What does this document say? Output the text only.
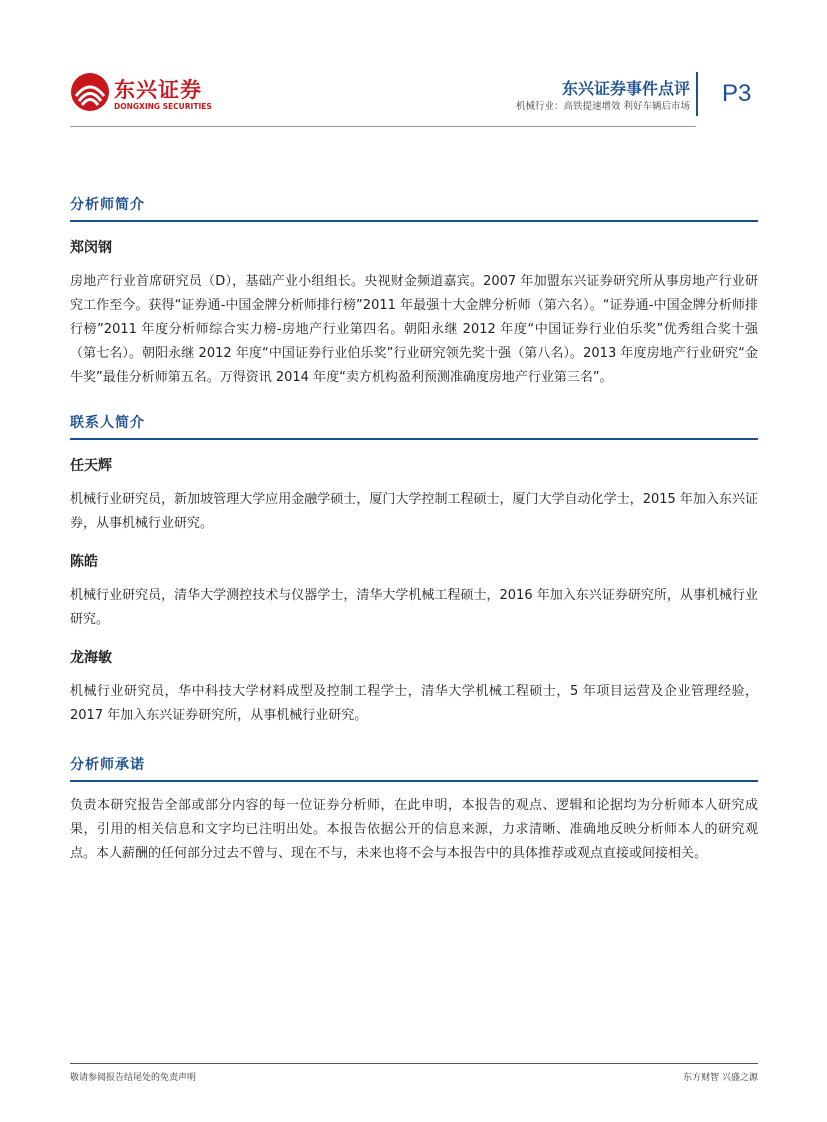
东兴证券
DONGXING SECURITIES
东兴证券事件点评
机械行业：高铁提速增效 利好车辆后市场 P3
分析师简介
郑闵钢

房地产行业首席研究员（D），基础产业小组组长。央视财金频道嘉宾。2007 年加盟东兴证券研究所从事房地产行业研究工作至今。获得“证券通-中国金牌分析师排行榜”2011 年最强十大金牌分析师（第六名）。“证券通-中国金牌分析师排行榜”2011 年度分析师综合实力榜-房地产行业第四名。朝阳永继 2012 年度“中国证券行业伯乐奖”优秀组合奖十强（第七名）。朝阳永继 2012 年度“中国证券行业伯乐奖”行业研究领先奖十强（第八名）。2013 年度房地产行业研究“金牛奖”最佳分析师第五名。万得资讯 2014 年度“卖方机构盈利预测准确度房地产行业第三名”。

联系人简介
任天辉

机械行业研究员，新加坡管理大学应用金融学硕士，厦门大学控制工程硕士，厦门大学自动化学士，2015 年加入东兴证券，从事机械行业研究。

陈皓

机械行业研究员，清华大学测控技术与仪器学士，清华大学机械工程硕士，2016 年加入东兴证券研究所，从事机械行业研究。

龙海敏

机械行业研究员，华中科技大学材料成型及控制工程学士，清华大学机械工程硕士，5 年项目运营及企业管理经验，2017 年加入东兴证券研究所，从事机械行业研究。

分析师承诺

负责本研究报告全部或部分内容的每一位证券分析师，在此申明，本报告的观点、逻辑和论据均为分析师本人研究成果，引用的相关信息和文字均已注明出处。本报告依据公开的信息来源，力求清晰、准确地反映分析师本人的研究观点。本人薪酬的任何部分过去不曾与、现在不与，未来也将不会与本报告中的具体推荐或观点直接或间接相关。

敬请参阅报告结尾处的免责声明	东方财智 兴盛之源
